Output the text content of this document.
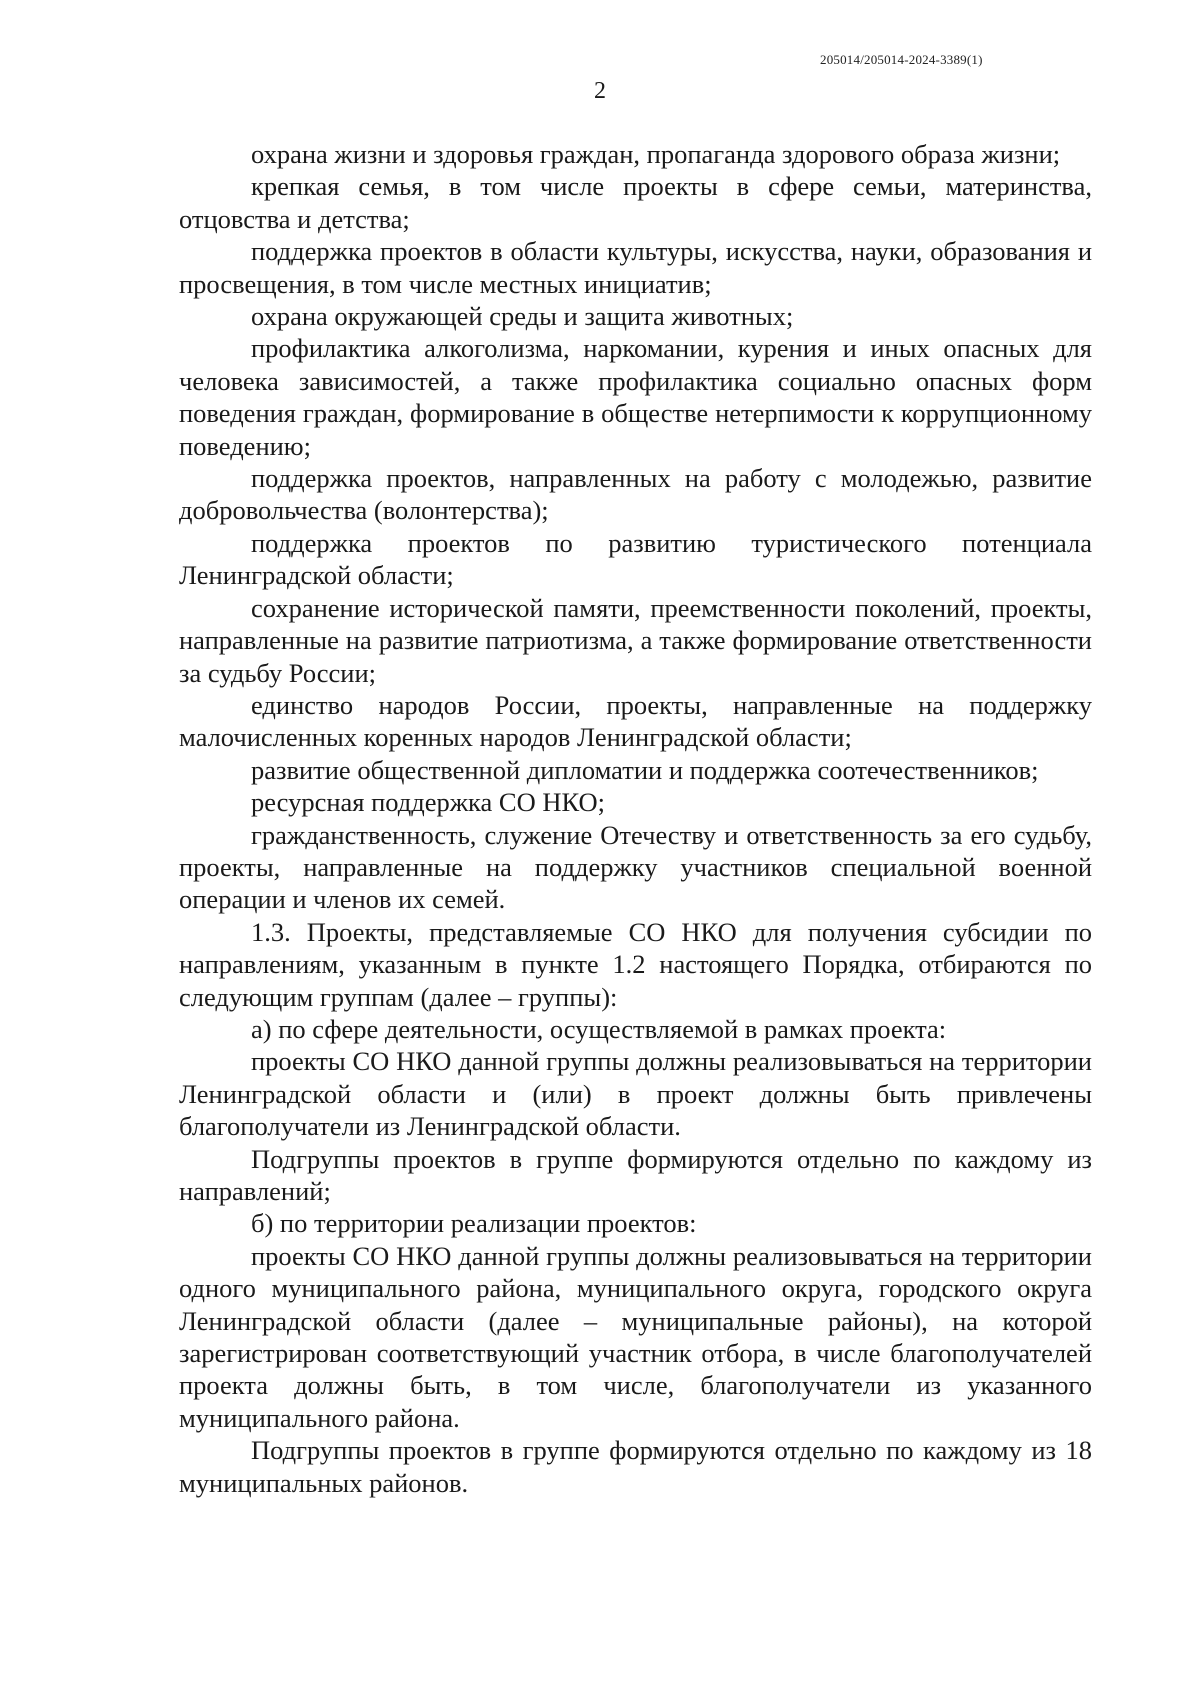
205014/205014-2024-3389(1)
2

охрана жизни и здоровья граждан, пропаганда здорового образа жизни;

крепкая семья, в том числе проекты в сфере семьи, материнства, отцовства и детства;

поддержка проектов в области культуры, искусства, науки, образования и просвещения, в том числе местных инициатив;

охрана окружающей среды и защита животных;

профилактика алкоголизма, наркомании, курения и иных опасных для человека зависимостей, а также профилактика социально опасных форм поведения граждан, формирование в обществе нетерпимости к коррупционному поведению;

поддержка проектов, направленных на работу с молодежью, развитие добровольчества (волонтерства);

поддержка проектов по развитию туристического потенциала Ленинградской области;

сохранение исторической памяти, преемственности поколений, проекты, направленные на развитие патриотизма, а также формирование ответственности за судьбу России;

единство народов России, проекты, направленные на поддержку малочисленных коренных народов Ленинградской области;

развитие общественной дипломатии и поддержка соотечественников;

ресурсная поддержка СО НКО;

гражданственность, служение Отечеству и ответственность за его судьбу, проекты, направленные на поддержку участников специальной военной операции и членов их семей.

1.3. Проекты, представляемые СО НКО для получения субсидии по направлениям, указанным в пункте 1.2 настоящего Порядка, отбираются по следующим группам (далее – группы):

а) по сфере деятельности, осуществляемой в рамках проекта:

проекты СО НКО данной группы должны реализовываться на территории Ленинградской области и (или) в проект должны быть привлечены благополучатели из Ленинградской области.

Подгруппы проектов в группе формируются отдельно по каждому из направлений;

б) по территории реализации проектов:

проекты СО НКО данной группы должны реализовываться на территории одного муниципального района, муниципального округа, городского округа Ленинградской области (далее – муниципальные районы), на которой зарегистрирован соответствующий участник отбора, в числе благополучателей проекта должны быть, в том числе, благополучатели из указанного муниципального района.

Подгруппы проектов в группе формируются отдельно по каждому из 18 муниципальных районов.
